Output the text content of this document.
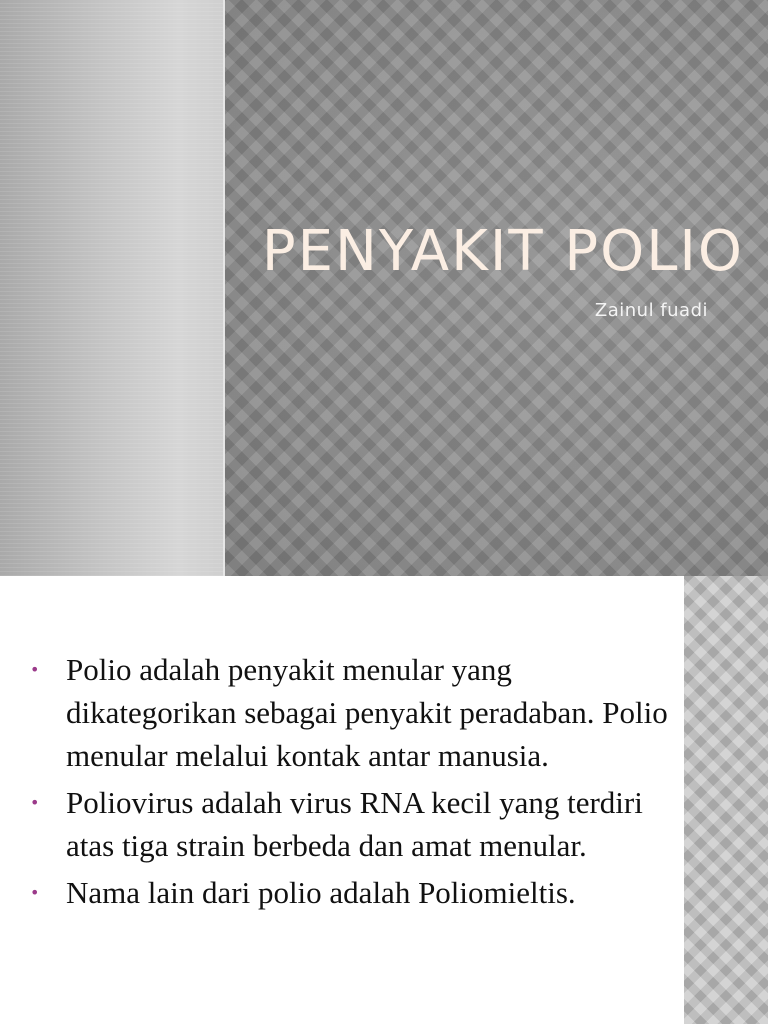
PENYAKIT POLIO
Zainul fuadi
• Polio adalah penyakit menular yang dikategorikan sebagai penyakit peradaban. Polio menular melalui kontak antar manusia.
• Poliovirus adalah virus RNA kecil yang terdiri atas tiga strain berbeda dan amat menular.
• Nama lain dari polio adalah Poliomieltis.
